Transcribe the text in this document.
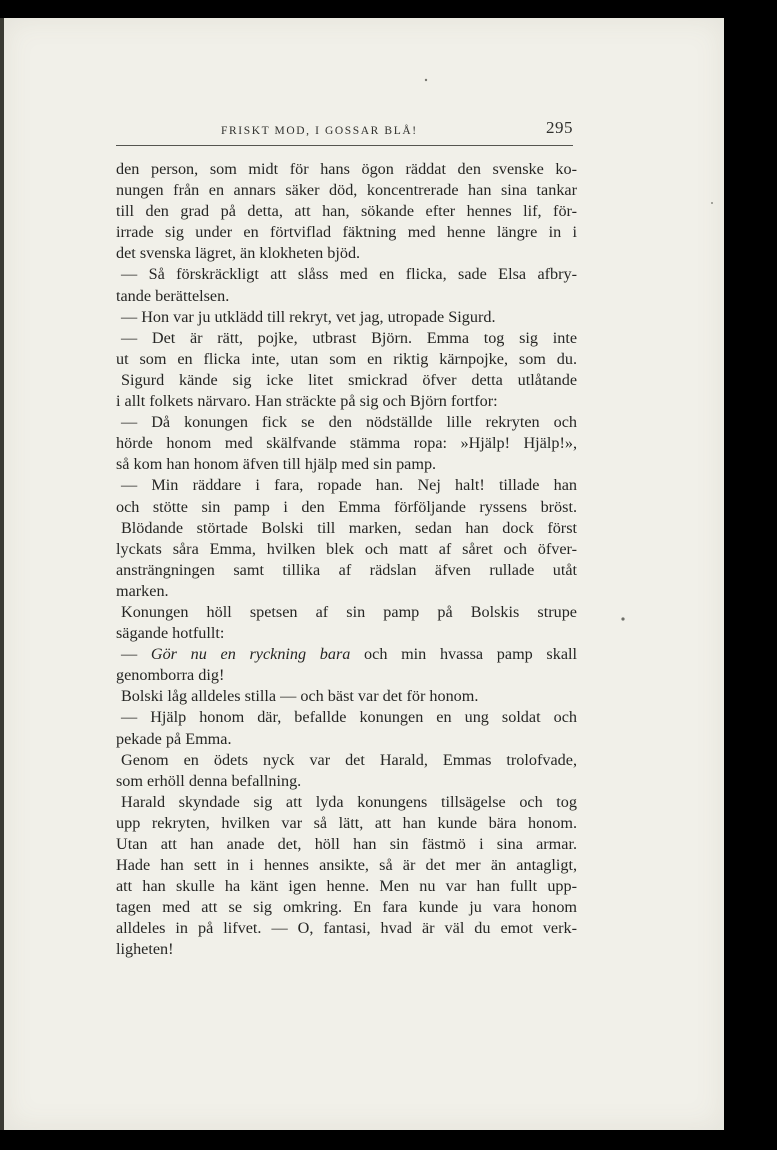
FRISKT MOD, I GOSSAR BLÅ!	295
den person, som midt för hans ögon räddat den svenske ko-
nungen från en annars säker död, koncentrerade han sina tankar
till den grad på detta, att han, sökande efter hennes lif, för-
irrade sig under en förtviflad fäktning med henne längre in i
det svenska lägret, än klokheten bjöd.
— Så förskräckligt att slåss med en flicka, sade Elsa afbry-
tande berättelsen.
— Hon var ju utklädd till rekryt, vet jag, utropade Sigurd.
— Det är rätt, pojke, utbrast Björn. Emma tog sig inte
ut som en flicka inte, utan som en riktig kärnpojke, som du.
Sigurd kände sig icke litet smickrad öfver detta utlåtande
i allt folkets närvaro. Han sträckte på sig och Björn fortfor:
— Då konungen fick se den nödställde lille rekryten och
hörde honom med skälfvande stämma ropa: »Hjälp! Hjälp!»,
så kom han honom äfven till hjälp med sin pamp.
— Min räddare i fara, ropade han. Nej halt! tillade han
och stötte sin pamp i den Emma förföljande ryssens bröst.
Blödande störtade Bolski till marken, sedan han dock först
lyckats såra Emma, hvilken blek och matt af såret och öfver-
ansträngningen samt tillika af rädslan äfven rullade utåt
marken.
Konungen höll spetsen af sin pamp på Bolskis strupe
sägande hotfullt:
— Gör nu en ryckning bara och min hvassa pamp skall
genomborra dig!
Bolski låg alldeles stilla — och bäst var det för honom.
— Hjälp honom där, befallde konungen en ung soldat och
pekade på Emma.
Genom en ödets nyck var det Harald, Emmas trolofvade,
som erhöll denna befallning.
Harald skyndade sig att lyda konungens tillsägelse och tog
upp rekryten, hvilken var så lätt, att han kunde bära honom.
Utan att han anade det, höll han sin fästmö i sina armar.
Hade han sett in i hennes ansikte, så är det mer än antagligt,
att han skulle ha känt igen henne. Men nu var han fullt upp-
tagen med att se sig omkring. En fara kunde ju vara honom
alldeles in på lifvet. — O, fantasi, hvad är väl du emot verk-
ligheten!
